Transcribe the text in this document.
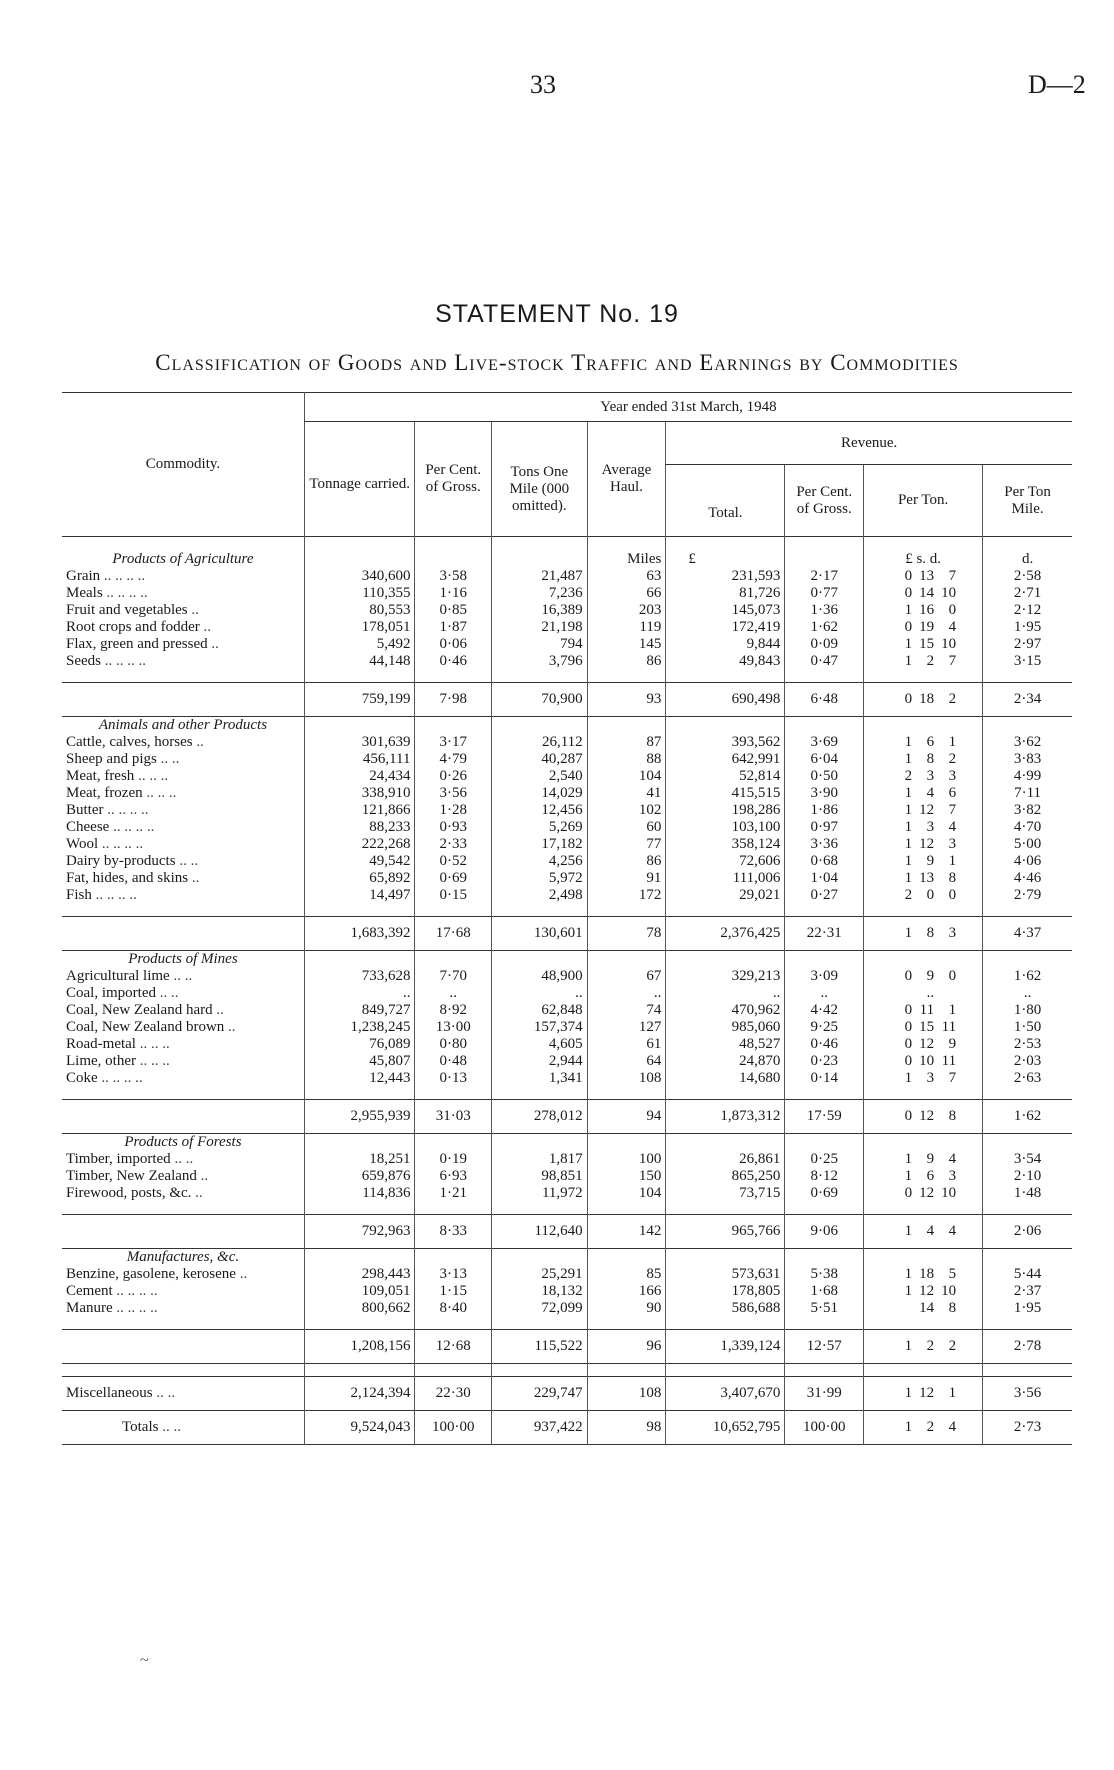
33	D—2
STATEMENT No. 19
Classification of Goods and Live-stock Traffic and Earnings by Commodities
Commodity.	Year ended 31st March, 1948							
	Tonnage carried.	Per Cent. of Gross.	Tons One Mile (000 omitted).	Average Haul.	Revenue.			
					Total.	Per Cent. of Gross.	Per Ton.	Per Ton Mile.
Products of Agriculture				Miles	£		£ s. d.	d.
Grain .. .. .. ..	340,600	3·58	21,487	63	231,593	2·17	0 13 7	2·58
Meals .. .. .. ..	110,355	1·16	7,236	66	81,726	0·77	0 14 10	2·71
Fruit and vegetables ..	80,553	0·85	16,389	203	145,073	1·36	1 16 0	2·12
Root crops and fodder ..	178,051	1·87	21,198	119	172,419	1·62	0 19 4	1·95
Flax, green and pressed ..	5,492	0·06	794	145	9,844	0·09	1 15 10	2·97
Seeds .. .. .. ..	44,148	0·46	3,796	86	49,843	0·47	1 2 7	3·15

	759,199	7·98	70,900	93	690,498	6·48	0 18 2	2·34
Animals and other Products								
Cattle, calves, horses ..	301,639	3·17	26,112	87	393,562	3·69	1 6 1	3·62
Sheep and pigs .. ..	456,111	4·79	40,287	88	642,991	6·04	1 8 2	3·83
Meat, fresh .. .. ..	24,434	0·26	2,540	104	52,814	0·50	2 3 3	4·99
Meat, frozen .. .. ..	338,910	3·56	14,029	41	415,515	3·90	1 4 6	7·11
Butter .. .. .. ..	121,866	1·28	12,456	102	198,286	1·86	1 12 7	3·82
Cheese .. .. .. ..	88,233	0·93	5,269	60	103,100	0·97	1 3 4	4·70
Wool .. .. .. ..	222,268	2·33	17,182	77	358,124	3·36	1 12 3	5·00
Dairy by-products .. ..	49,542	0·52	4,256	86	72,606	0·68	1 9 1	4·06
Fat, hides, and skins ..	65,892	0·69	5,972	91	111,006	1·04	1 13 8	4·46
Fish .. .. .. ..	14,497	0·15	2,498	172	29,021	0·27	2 0 0	2·79

	1,683,392	17·68	130,601	78	2,376,425	22·31	1 8 3	4·37
Products of Mines								
Agricultural lime .. ..	733,628	7·70	48,900	67	329,213	3·09	0 9 0	1·62
Coal, imported .. ..	..	..	..	..	..	..	..	..
Coal, New Zealand hard ..	849,727	8·92	62,848	74	470,962	4·42	0 11 1	1·80
Coal, New Zealand brown ..	1,238,245	13·00	157,374	127	985,060	9·25	0 15 11	1·50
Road-metal .. .. ..	76,089	0·80	4,605	61	48,527	0·46	0 12 9	2·53
Lime, other .. .. ..	45,807	0·48	2,944	64	24,870	0·23	0 10 11	2·03
Coke .. .. .. ..	12,443	0·13	1,341	108	14,680	0·14	1 3 7	2·63

	2,955,939	31·03	278,012	94	1,873,312	17·59	0 12 8	1·62
Products of Forests								
Timber, imported .. ..	18,251	0·19	1,817	100	26,861	0·25	1 9 4	3·54
Timber, New Zealand ..	659,876	6·93	98,851	150	865,250	8·12	1 6 3	2·10
Firewood, posts, &c. ..	114,836	1·21	11,972	104	73,715	0·69	0 12 10	1·48

	792,963	8·33	112,640	142	965,766	9·06	1 4 4	2·06
Manufactures, &c.								
Benzine, gasolene, kerosene ..	298,443	3·13	25,291	85	573,631	5·38	1 18 5	5·44
Cement .. .. .. ..	109,051	1·15	18,132	166	178,805	1·68	1 12 10	2·37
Manure .. .. .. ..	800,662	8·40	72,099	90	586,688	5·51	14 8	1·95

	1,208,156	12·68	115,522	96	1,339,124	12·57	1 2 2	2·78

Miscellaneous .. ..	2,124,394	22·30	229,747	108	3,407,670	31·99	1 12 1	3·56
Totals .. ..	9,524,043	100·00	937,422	98	10,652,795	100·00	1 2 4	2·73
~
